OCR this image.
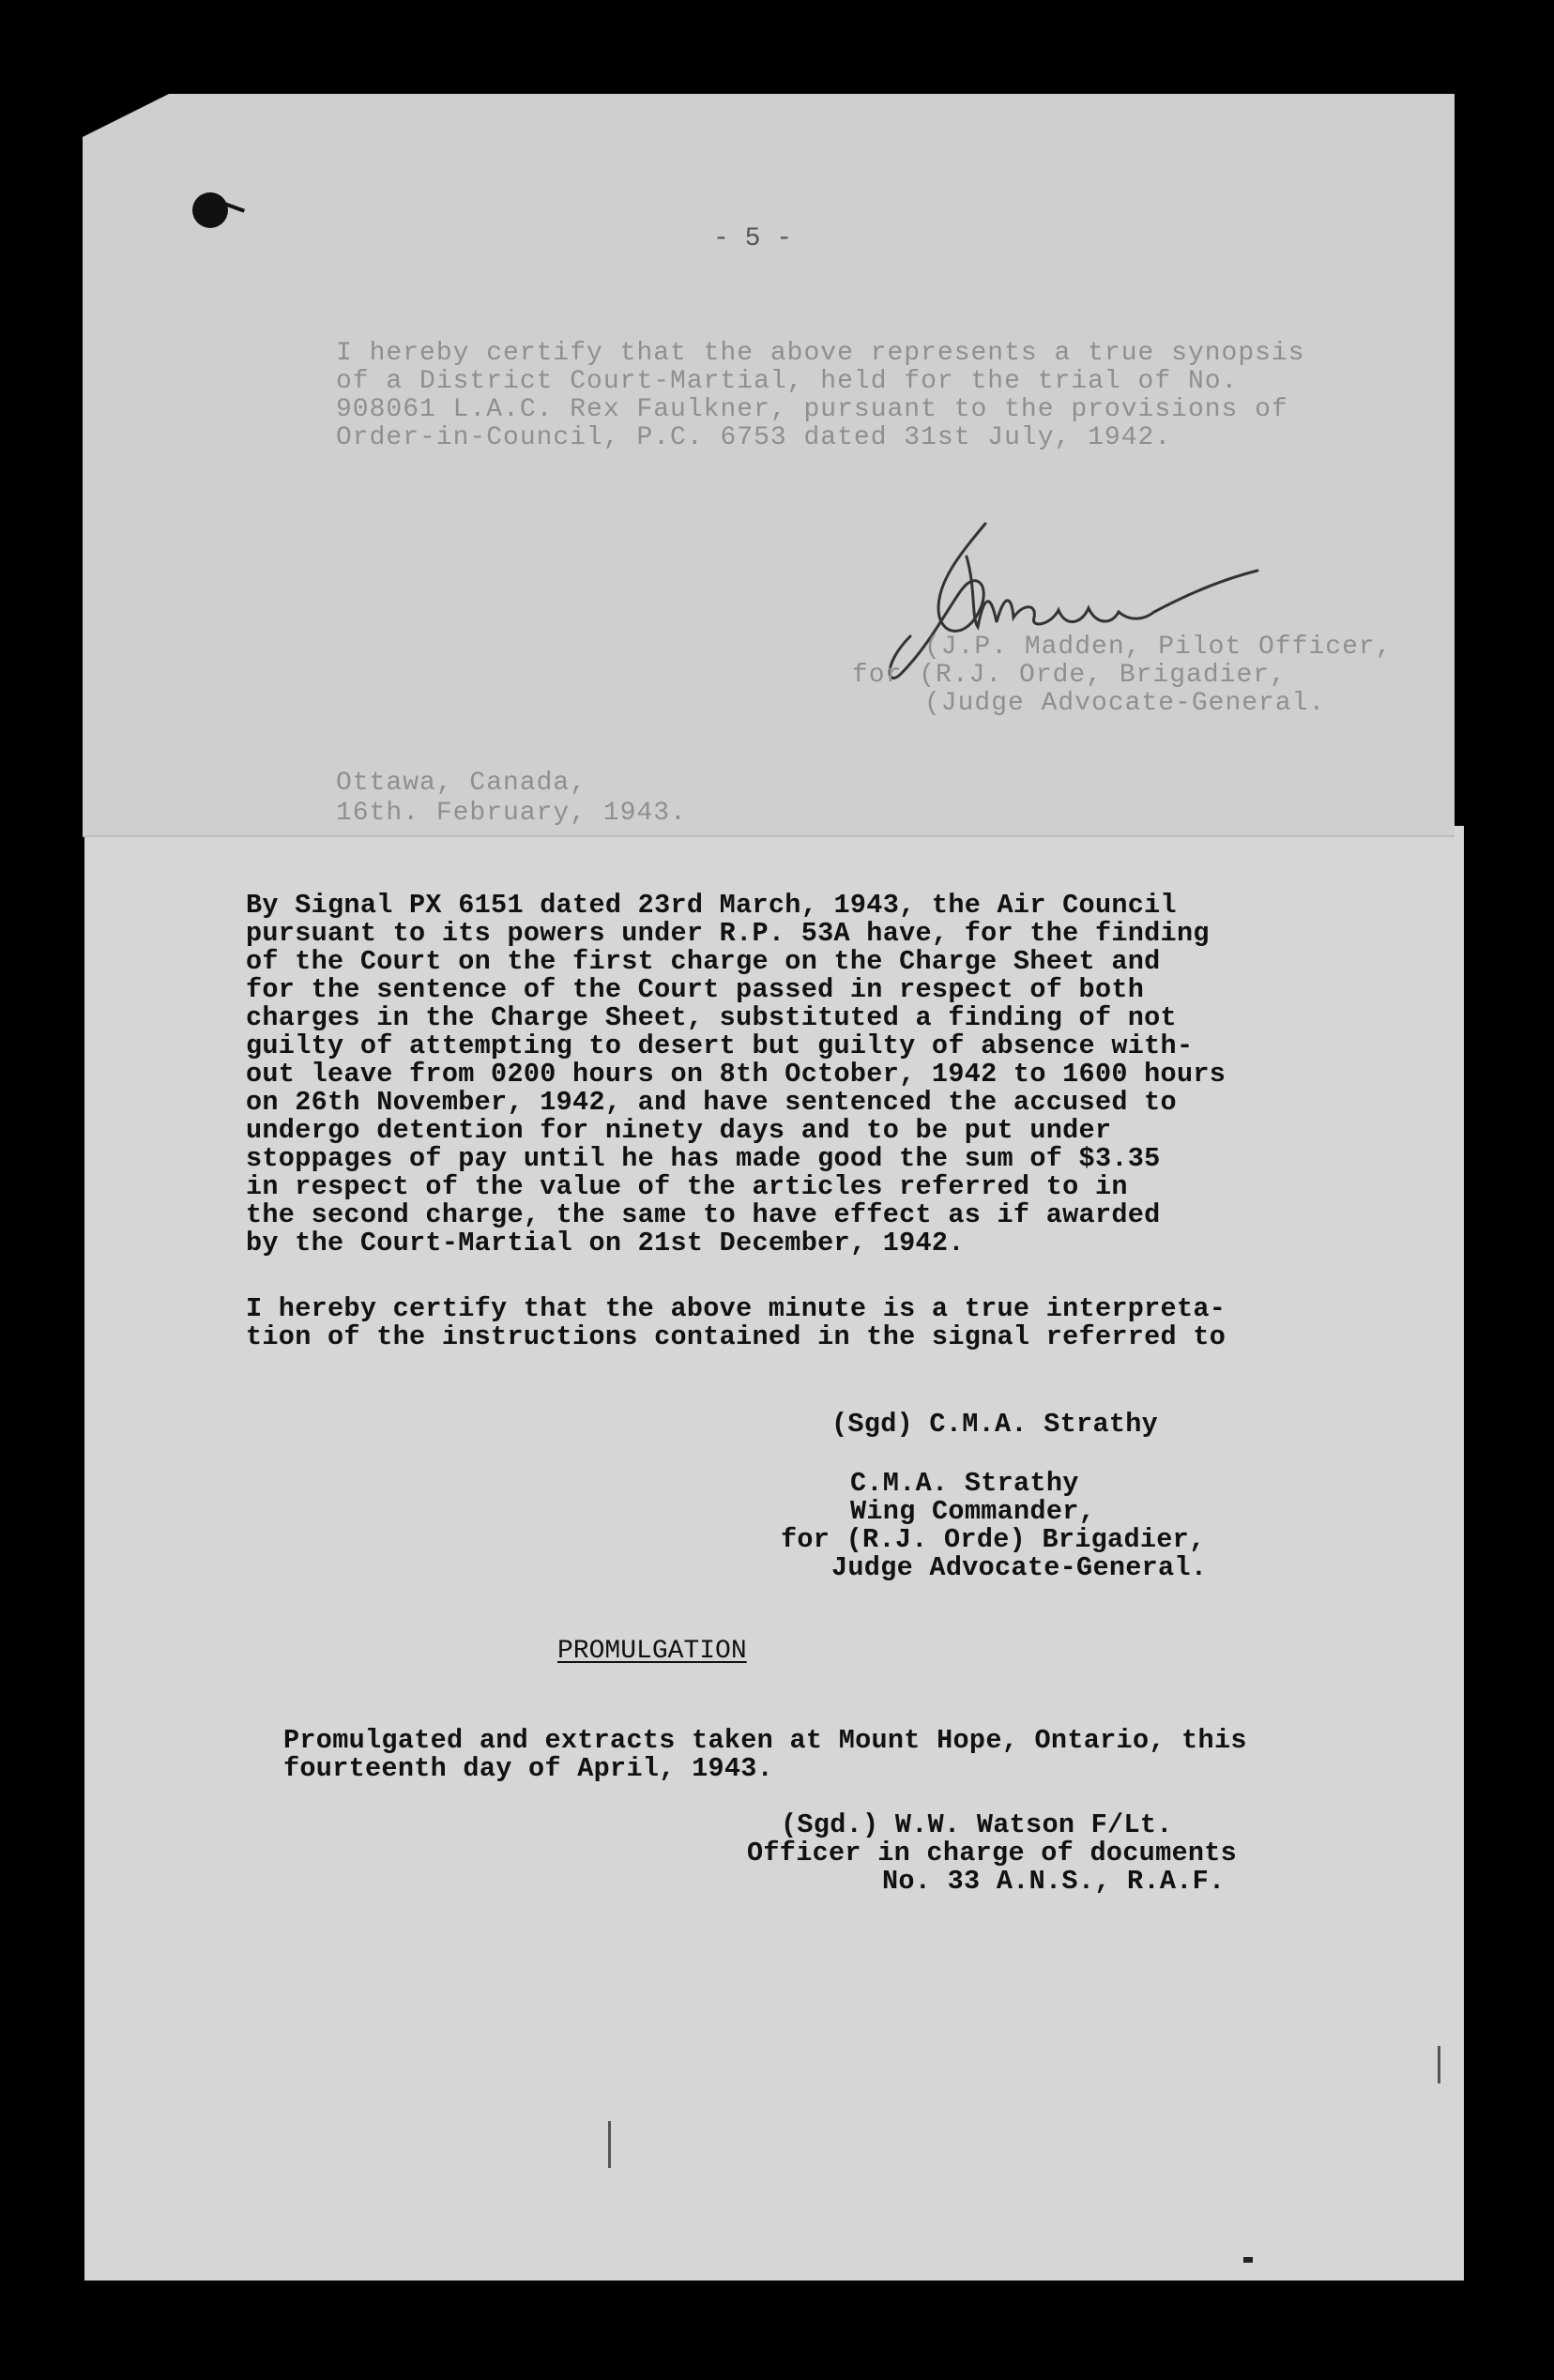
- 5 -

I hereby certify that the above represents a true synopsis

of a District Court-Martial, held for the trial of No.

908061 L.A.C. Rex Faulkner, pursuant to the provisions of

Order-in-Council, P.C. 6753 dated 31st July, 1942.

(J.P. Madden, Pilot Officer,

for (R.J. Orde, Brigadier,

(Judge Advocate-General.

Ottawa, Canada,

16th. February, 1943.

By Signal PX 6151 dated 23rd March, 1943, the Air Council

pursuant to its powers under R.P. 53A have, for the finding

of the Court on the first charge on the Charge Sheet and

for the sentence of the Court passed in respect of both

charges in the Charge Sheet, substituted a finding of not

guilty of attempting to desert but guilty of absence with-

out leave from 0200 hours on 8th October, 1942 to 1600 hours

on 26th November, 1942, and have sentenced the accused to

undergo detention for ninety days and to be put under

stoppages of pay until he has made good the sum of $3.35

in respect of the value of the articles referred to in

the second charge, the same to have effect as if awarded

by the Court-Martial on 21st December, 1942.

I hereby certify that the above minute is a true interpreta-

tion of the instructions contained in the signal referred to

(Sgd) C.M.A. Strathy

C.M.A. Strathy

Wing Commander,

for (R.J. Orde) Brigadier,

Judge Advocate-General.

PROMULGATION

Promulgated and extracts taken at Mount Hope, Ontario, this

fourteenth day of April, 1943.

(Sgd.) W.W. Watson F/Lt.

Officer in charge of documents

No. 33 A.N.S., R.A.F.
